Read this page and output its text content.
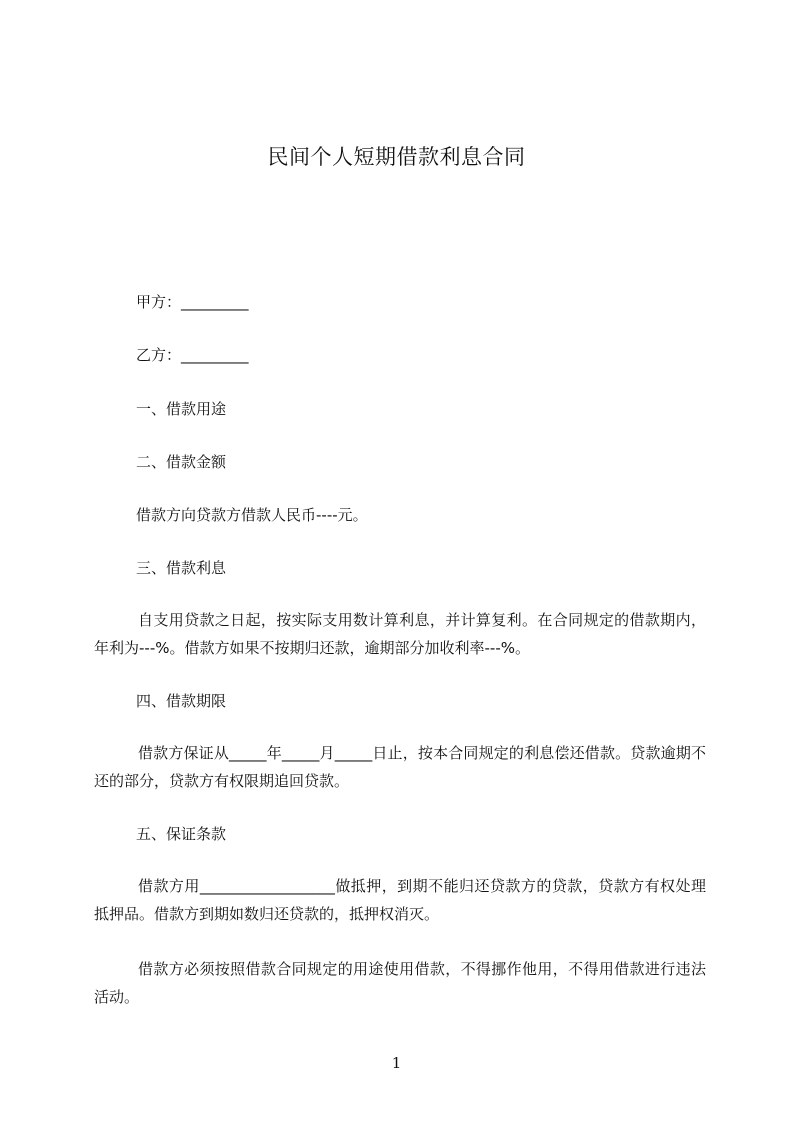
民间个人短期借款利息合同
甲方：_________
乙方：_________
一、借款用途
二、借款金额
借款方向贷款方借款人民币----元。
三、借款利息
自支用贷款之日起，按实际支用数计算利息，并计算复利。在合同规定的借款期内，年利为---%。借款方如果不按期归还款，逾期部分加收利率---%。
四、借款期限
借款方保证从_____年_____月_____日止，按本合同规定的利息偿还借款。贷款逾期不还的部分，贷款方有权限期追回贷款。
五、保证条款
借款方用__________________做抵押，到期不能归还贷款方的贷款，贷款方有权处理抵押品。借款方到期如数归还贷款的，抵押权消灭。
借款方必须按照借款合同规定的用途使用借款，不得挪作他用，不得用借款进行违法活动。
1
